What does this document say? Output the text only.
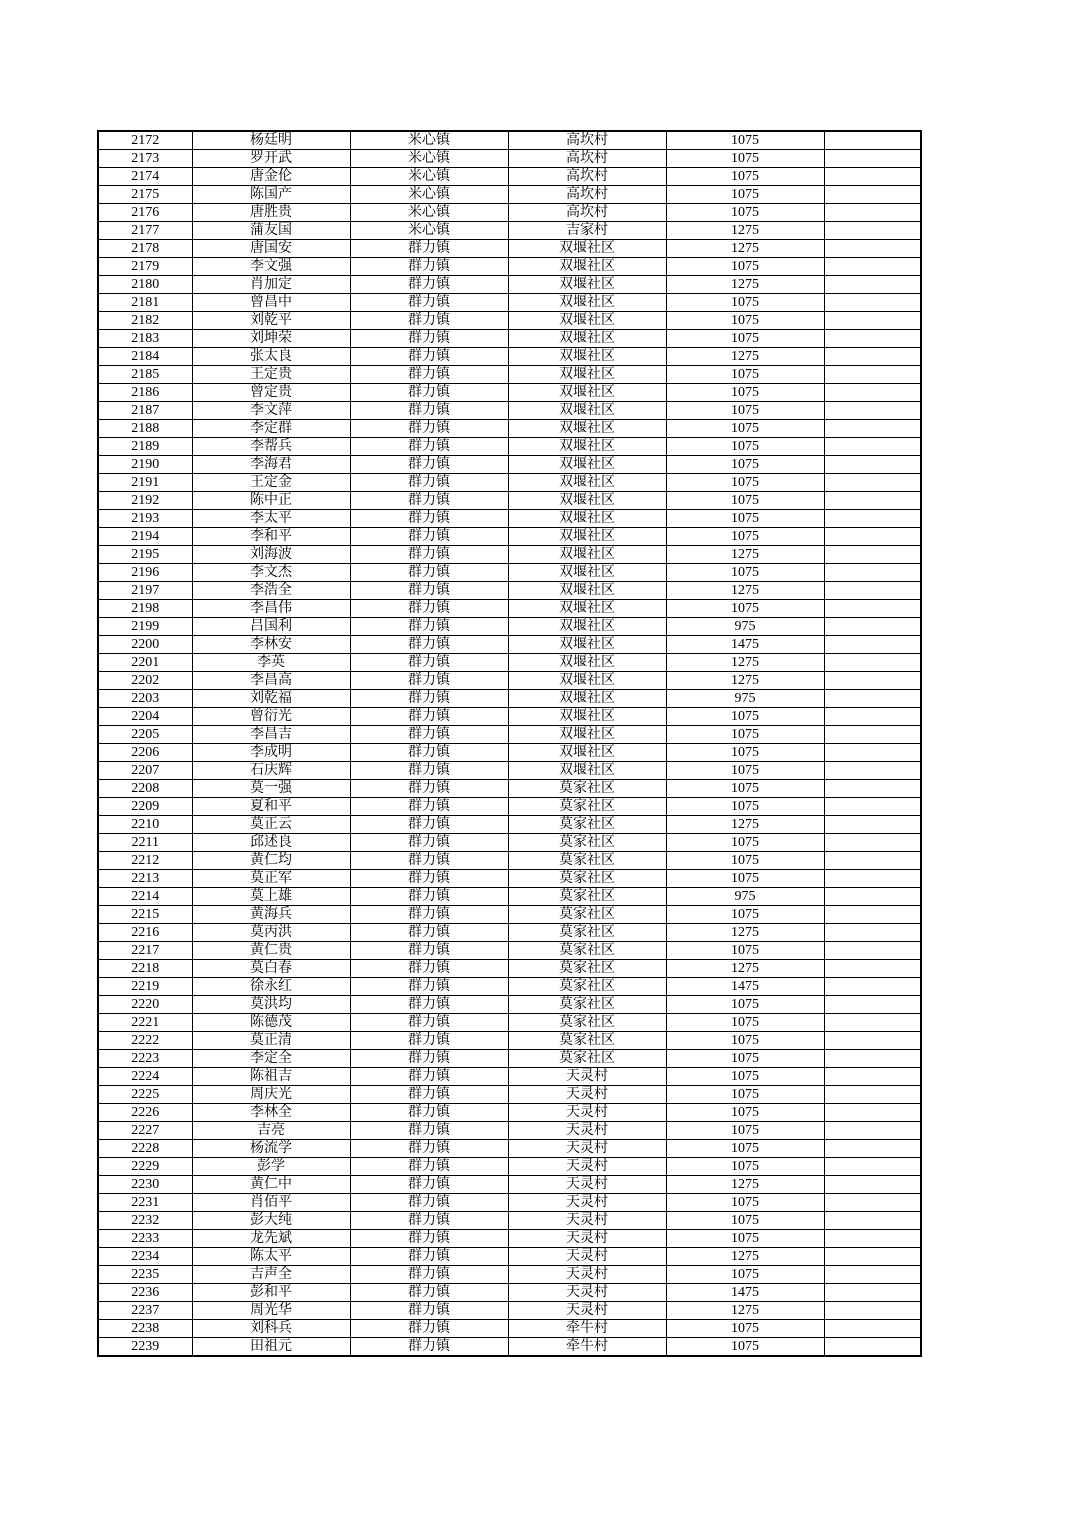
2172	杨廷明	米心镇	高坎村	1075	
2173	罗开武	米心镇	高坎村	1075	
2174	唐金伦	米心镇	高坎村	1075	
2175	陈国产	米心镇	高坎村	1075	
2176	唐胜贵	米心镇	高坎村	1075	
2177	蒲友国	米心镇	吉家村	1275	
2178	唐国安	群力镇	双堰社区	1275	
2179	李文强	群力镇	双堰社区	1075	
2180	肖加定	群力镇	双堰社区	1275	
2181	曾昌中	群力镇	双堰社区	1075	
2182	刘乾平	群力镇	双堰社区	1075	
2183	刘坤荣	群力镇	双堰社区	1075	
2184	张太良	群力镇	双堰社区	1275	
2185	王定贵	群力镇	双堰社区	1075	
2186	曾定贵	群力镇	双堰社区	1075	
2187	李文萍	群力镇	双堰社区	1075	
2188	李定群	群力镇	双堰社区	1075	
2189	李帮兵	群力镇	双堰社区	1075	
2190	李海君	群力镇	双堰社区	1075	
2191	王定金	群力镇	双堰社区	1075	
2192	陈中正	群力镇	双堰社区	1075	
2193	李太平	群力镇	双堰社区	1075	
2194	李和平	群力镇	双堰社区	1075	
2195	刘海波	群力镇	双堰社区	1275	
2196	李文杰	群力镇	双堰社区	1075	
2197	李浩全	群力镇	双堰社区	1275	
2198	李昌伟	群力镇	双堰社区	1075	
2199	吕国利	群力镇	双堰社区	975	
2200	李林安	群力镇	双堰社区	1475	
2201	李英	群力镇	双堰社区	1275	
2202	李昌高	群力镇	双堰社区	1275	
2203	刘乾福	群力镇	双堰社区	975	
2204	曾衍光	群力镇	双堰社区	1075	
2205	李昌吉	群力镇	双堰社区	1075	
2206	李成明	群力镇	双堰社区	1075	
2207	石庆辉	群力镇	双堰社区	1075	
2208	莫一强	群力镇	莫家社区	1075	
2209	夏和平	群力镇	莫家社区	1075	
2210	莫正云	群力镇	莫家社区	1275	
2211	邱述良	群力镇	莫家社区	1075	
2212	黄仁均	群力镇	莫家社区	1075	
2213	莫正军	群力镇	莫家社区	1075	
2214	莫上雄	群力镇	莫家社区	975	
2215	黄海兵	群力镇	莫家社区	1075	
2216	莫丙洪	群力镇	莫家社区	1275	
2217	黄仁贵	群力镇	莫家社区	1075	
2218	莫白春	群力镇	莫家社区	1275	
2219	徐永红	群力镇	莫家社区	1475	
2220	莫洪均	群力镇	莫家社区	1075	
2221	陈德茂	群力镇	莫家社区	1075	
2222	莫正清	群力镇	莫家社区	1075	
2223	李定全	群力镇	莫家社区	1075	
2224	陈祖吉	群力镇	天灵村	1075	
2225	周庆光	群力镇	天灵村	1075	
2226	李林全	群力镇	天灵村	1075	
2227	吉亮	群力镇	天灵村	1075	
2228	杨流学	群力镇	天灵村	1075	
2229	彭学	群力镇	天灵村	1075	
2230	黄仁中	群力镇	天灵村	1275	
2231	肖佰平	群力镇	天灵村	1075	
2232	彭大纯	群力镇	天灵村	1075	
2233	龙先斌	群力镇	天灵村	1075	
2234	陈太平	群力镇	天灵村	1275	
2235	吉声全	群力镇	天灵村	1075	
2236	彭和平	群力镇	天灵村	1475	
2237	周光华	群力镇	天灵村	1275	
2238	刘科兵	群力镇	牵牛村	1075	
2239	田祖元	群力镇	牵牛村	1075	
